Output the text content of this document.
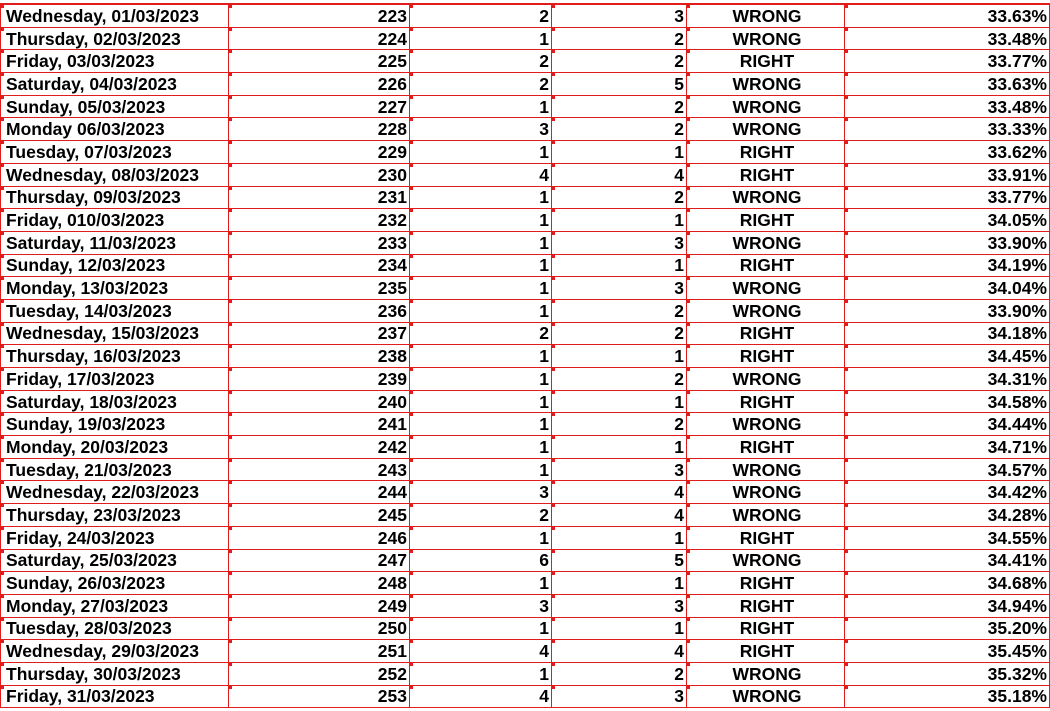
Wednesday, 01/03/2023	223	2	3	WRONG	33.63%

Thursday, 02/03/2023	224	1	2	WRONG	33.48%

Friday, 03/03/2023	225	2	2	RIGHT	33.77%

Saturday, 04/03/2023	226	2	5	WRONG	33.63%

Sunday, 05/03/2023	227	1	2	WRONG	33.48%

Monday 06/03/2023	228	3	2	WRONG	33.33%

Tuesday, 07/03/2023	229	1	1	RIGHT	33.62%

Wednesday, 08/03/2023	230	4	4	RIGHT	33.91%

Thursday, 09/03/2023	231	1	2	WRONG	33.77%

Friday, 010/03/2023	232	1	1	RIGHT	34.05%

Saturday, 11/03/2023	233	1	3	WRONG	33.90%

Sunday, 12/03/2023	234	1	1	RIGHT	34.19%

Monday, 13/03/2023	235	1	3	WRONG	34.04%

Tuesday, 14/03/2023	236	1	2	WRONG	33.90%

Wednesday, 15/03/2023	237	2	2	RIGHT	34.18%

Thursday, 16/03/2023	238	1	1	RIGHT	34.45%

Friday, 17/03/2023	239	1	2	WRONG	34.31%

Saturday, 18/03/2023	240	1	1	RIGHT	34.58%

Sunday, 19/03/2023	241	1	2	WRONG	34.44%

Monday, 20/03/2023	242	1	1	RIGHT	34.71%

Tuesday, 21/03/2023	243	1	3	WRONG	34.57%

Wednesday, 22/03/2023	244	3	4	WRONG	34.42%

Thursday, 23/03/2023	245	2	4	WRONG	34.28%

Friday, 24/03/2023	246	1	1	RIGHT	34.55%

Saturday, 25/03/2023	247	6	5	WRONG	34.41%

Sunday, 26/03/2023	248	1	1	RIGHT	34.68%

Monday, 27/03/2023	249	3	3	RIGHT	34.94%

Tuesday, 28/03/2023	250	1	1	RIGHT	35.20%

Wednesday, 29/03/2023	251	4	4	RIGHT	35.45%

Thursday, 30/03/2023	252	1	2	WRONG	35.32%

Friday, 31/03/2023	253	4	3	WRONG	35.18%
